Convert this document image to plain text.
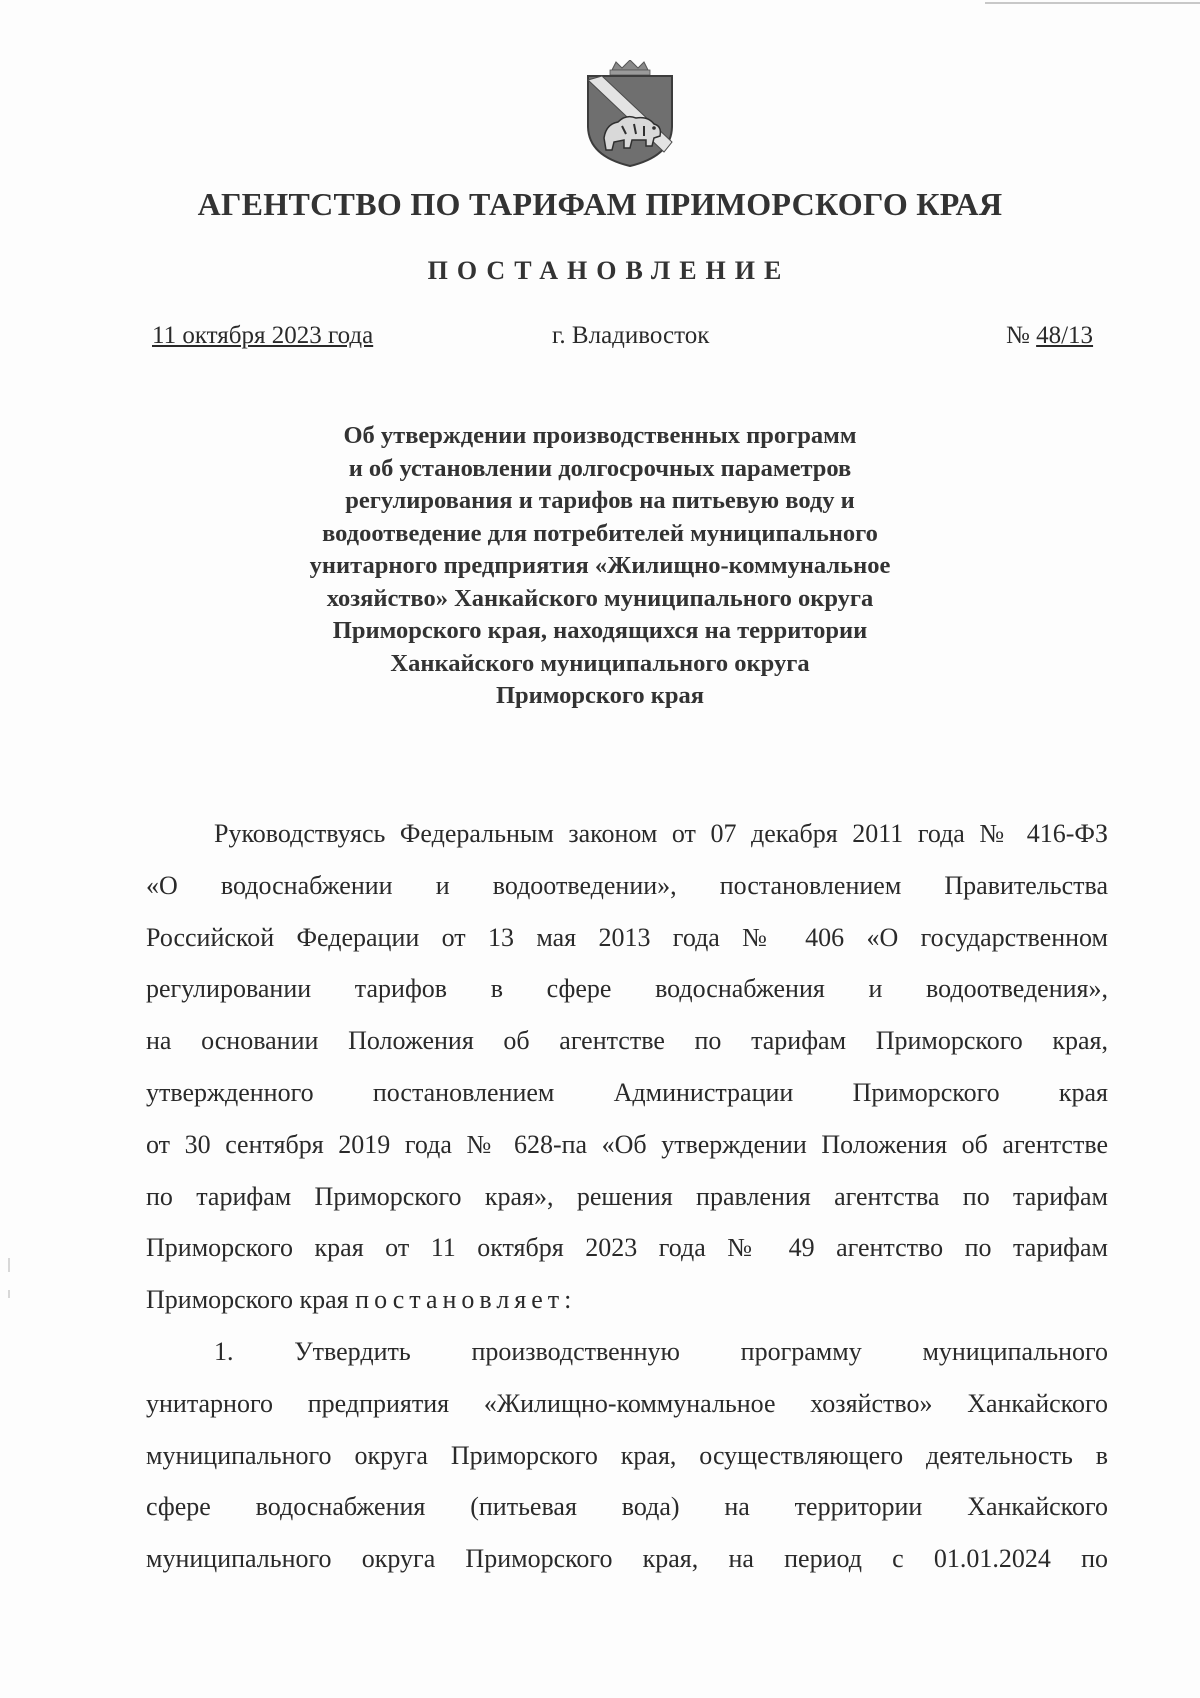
АГЕНТСТВО ПО ТАРИФАМ ПРИМОРСКОГО КРАЯ
ПОСТАНОВЛЕНИЕ
11 октября 2023 года	г. Владивосток	№ 48/13
Об утверждении производственных программ
и об установлении долгосрочных параметров
регулирования и тарифов на питьевую воду и
водоотведение для потребителей муниципального
унитарного предприятия «Жилищно-коммунальное
хозяйство» Ханкайского муниципального округа
Приморского края, находящихся на территории
Ханкайского муниципального округа
Приморского края
Руководствуясь Федеральным законом от 07 декабря 2011 года № 416-ФЗ
«О водоснабжении и водоотведении», постановлением Правительства
Российской Федерации от 13 мая 2013 года № 406 «О государственном
регулировании тарифов в сфере водоснабжения и водоотведения»,
на основании Положения об агентстве по тарифам Приморского края,
утвержденного постановлением Администрации Приморского края
от 30 сентября 2019 года № 628-па «Об утверждении Положения об агентстве
по тарифам Приморского края», решения правления агентства по тарифам
Приморского края от 11 октября 2023 года № 49 агентство по тарифам
Приморского края постановляет:
1. Утвердить производственную программу муниципального
унитарного предприятия «Жилищно-коммунальное хозяйство» Ханкайского
муниципального округа Приморского края, осуществляющего деятельность в
сфере водоснабжения (питьевая вода) на территории Ханкайского
муниципального округа Приморского края, на период с 01.01.2024 по
